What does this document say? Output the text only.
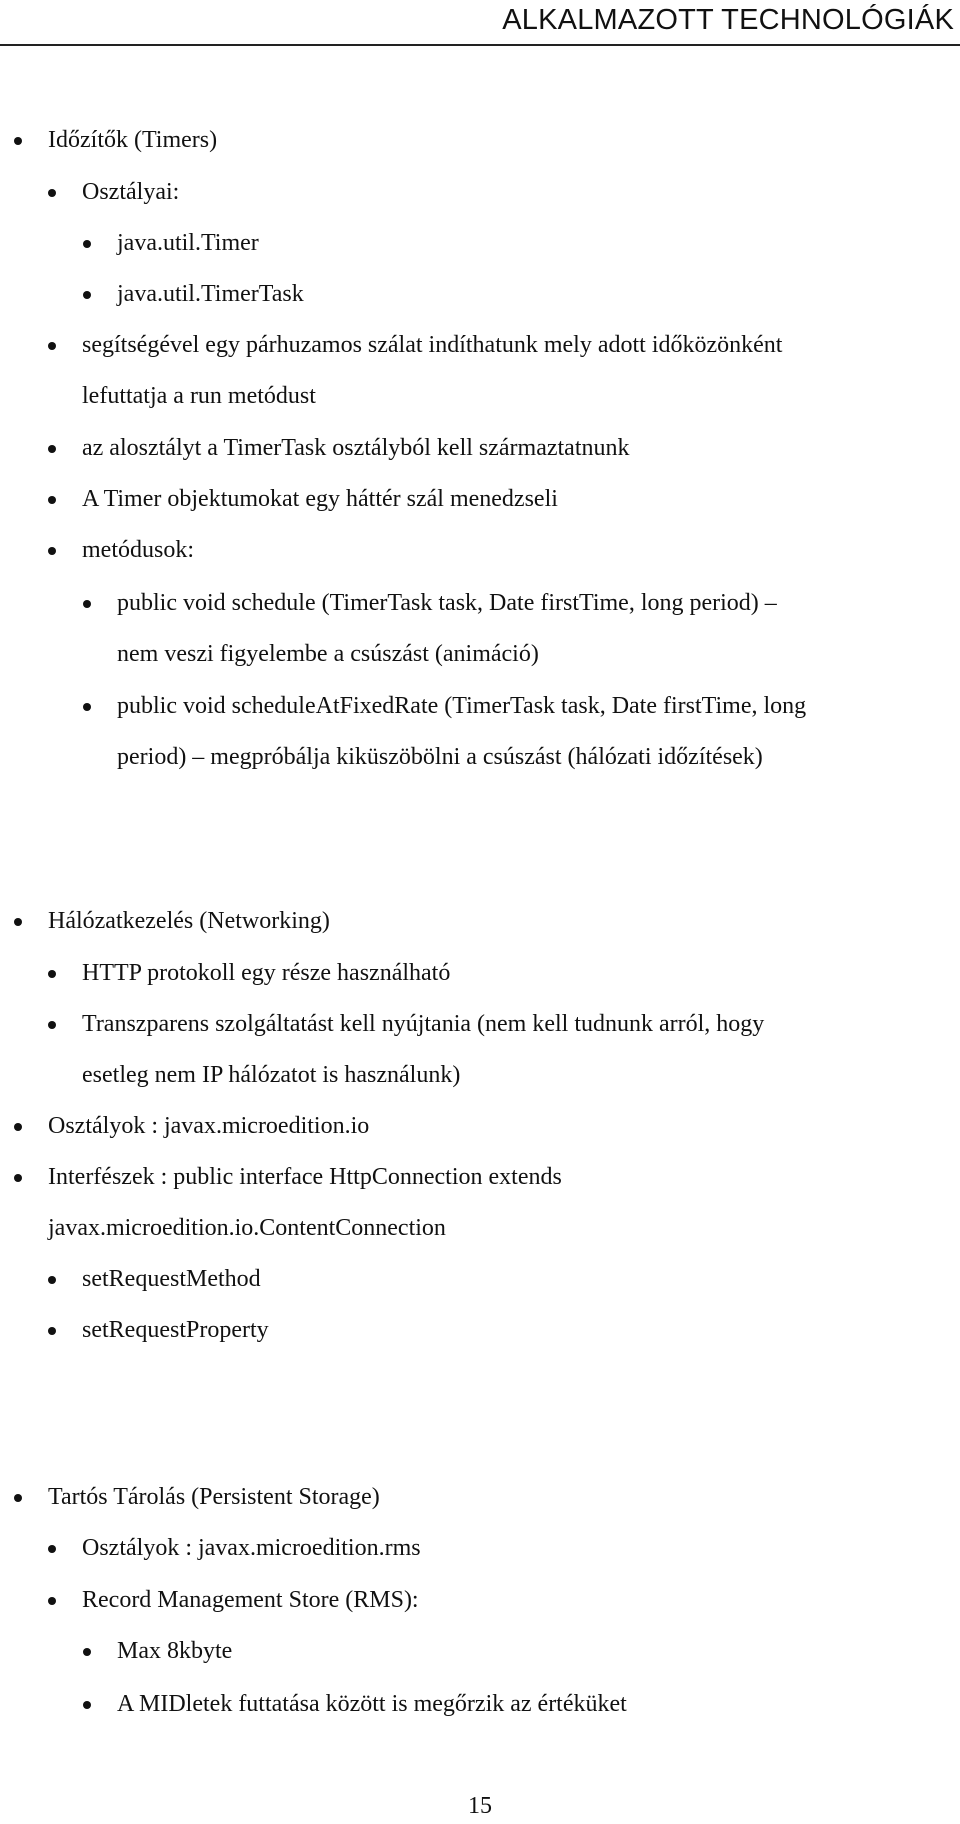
ALKALMAZOTT TECHNOLÓGIÁK
Időzítők (Timers)
Osztályai:
java.util.Timer
java.util.TimerTask
segítségével egy párhuzamos szálat indíthatunk mely adott időközönként
lefuttatja a run metódust
az alosztályt a TimerTask osztályból kell származtatnunk
A Timer objektumokat egy háttér szál menedzseli
metódusok:
public void schedule (TimerTask task, Date firstTime, long period) –
nem veszi figyelembe a csúszást (animáció)
public void scheduleAtFixedRate (TimerTask task, Date firstTime, long
period) – megpróbálja kiküszöbölni a csúszást (hálózati időzítések)
Hálózatkezelés (Networking)
HTTP protokoll egy része használható
Transzparens szolgáltatást kell nyújtania (nem kell tudnunk arról, hogy
esetleg nem IP hálózatot is használunk)
Osztályok : javax.microedition.io
Interfészek : public interface HttpConnection extends
javax.microedition.io.ContentConnection
setRequestMethod
setRequestProperty
Tartós Tárolás (Persistent Storage)
Osztályok : javax.microedition.rms
Record Management Store (RMS):
Max 8kbyte
A MIDletek futtatása között is megőrzik az értéküket
15
